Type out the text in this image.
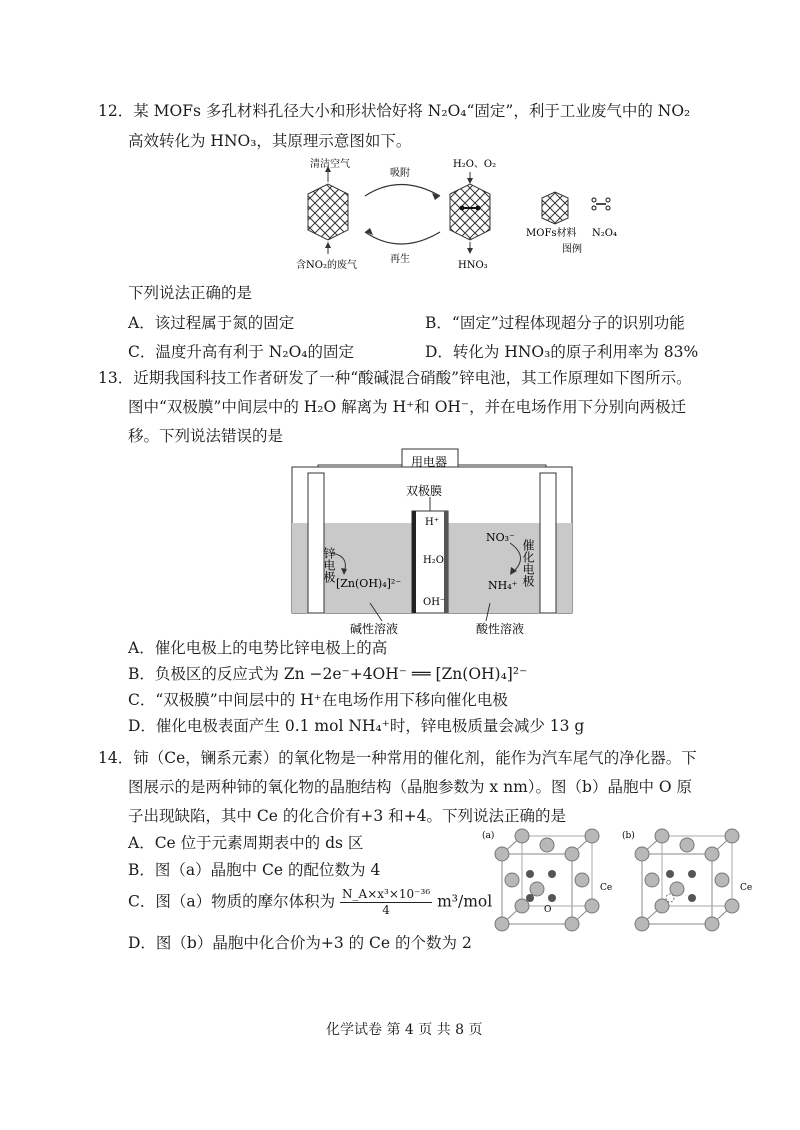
12．某 MOFs 多孔材料孔径大小和形状恰好将 N₂O₄“固定”，利于工业废气中的 NO₂
高效转化为 HNO₃，其原理示意图如下。
清洁空气
吸附
H₂O、O₂
含NO₂的废气
再生
HNO₃
MOFs材料 N₂O₄
图例
下列说法正确的是
A．该过程属于氮的固定	B．“固定”过程体现超分子的识别功能
C．温度升高有利于 N₂O₄的固定	D．转化为 HNO₃的原子利用率为 83%
13．近期我国科技工作者研发了一种“酸碱混合硝酸”锌电池，其工作原理如下图所示。
图中“双极膜”中间层中的 H₂O 解离为 H⁺和 OH⁻，并在电场作用下分别向两极迁
移。下列说法错误的是
用电器
双极膜
锌电极	催化电极
[Zn(OH)₄]²⁻
NO₃⁻
NH₄⁺
H⁺
H₂O
OH⁻
碱性溶液	酸性溶液
A．催化电极上的电势比锌电极上的高
B．负极区的反应式为 Zn −2e⁻+4OH⁻ ══ [Zn(OH)₄]²⁻
C．“双极膜”中间层中的 H⁺在电场作用下移向催化电极
D．催化电极表面产生 0.1 mol NH₄⁺时，锌电极质量会减少 13 g
14．铈（Ce，镧系元素）的氧化物是一种常用的催化剂，能作为汽车尾气的净化器。下
图展示的是两种铈的氧化物的晶胞结构（晶胞参数为 x nm）。图（b）晶胞中 O 原
子出现缺陷，其中 Ce 的化合价有+3 和+4。下列说法正确的是
A．Ce 位于元素周期表中的 ds 区
B．图（a）晶胞中 Ce 的配位数为 4
C．图（a）物质的摩尔体积为 $\frac{\text{N\_A×x³×10⁻³⁶}}{4} m^3/mol$
D．图（b）晶胞中化合价为+3 的 Ce 的个数为 2
(a)
Ce
O
(b)
Ce
化学试卷 第 4 页 共 8 页
